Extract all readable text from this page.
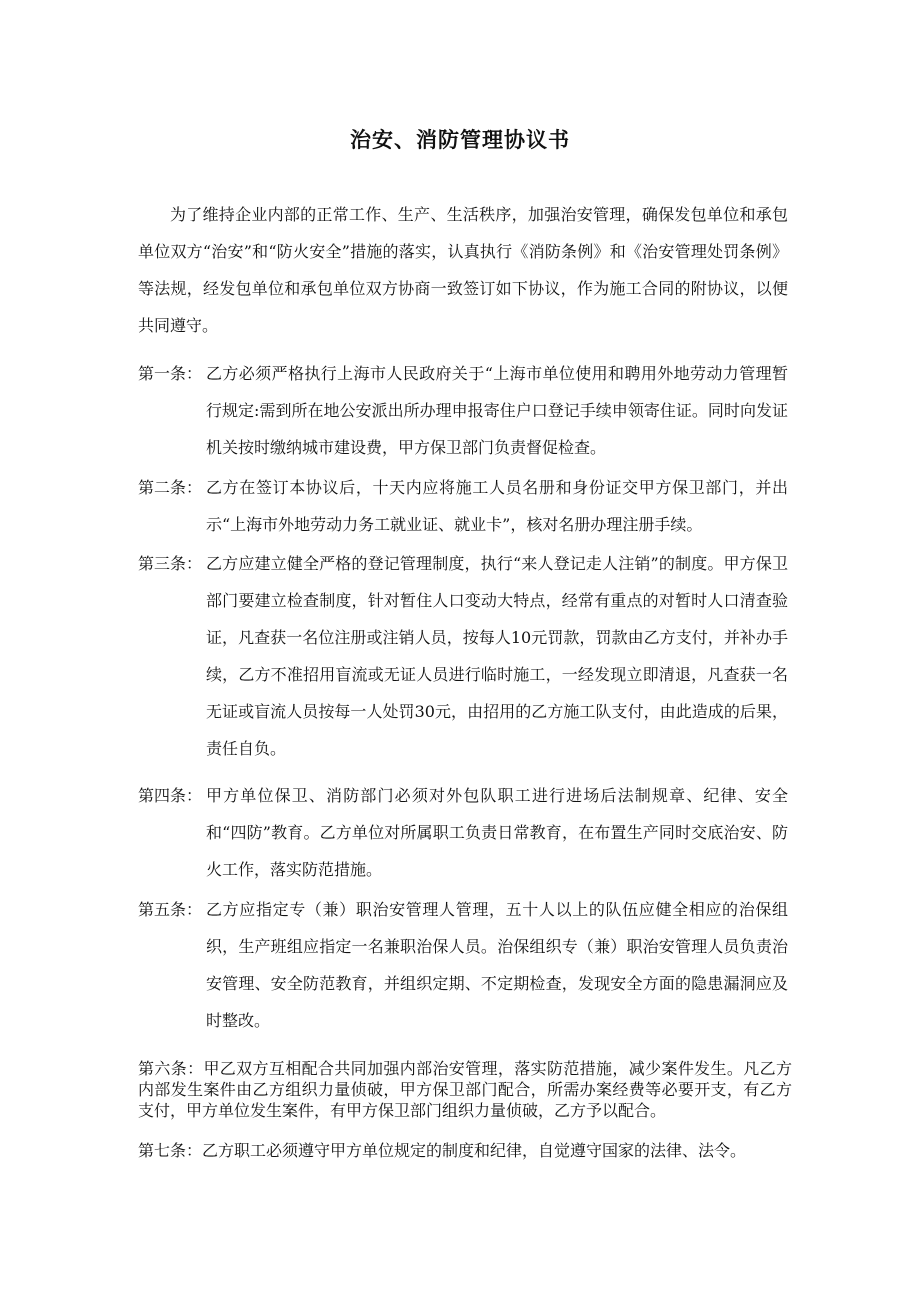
治安、消防管理协议书

为了维持企业内部的正常工作、生产、生活秩序，加强治安管理，确保发包单位和承包单位双方“治安”和“防火安全”措施的落实，认真执行《消防条例》和《治安管理处罚条例》等法规，经发包单位和承包单位双方协商一致签订如下协议，作为施工合同的附协议，以便共同遵守。

第一条： 乙方必须严格执行上海市人民政府关于“上海市单位使用和聘用外地劳动力管理暂行规定:需到所在地公安派出所办理申报寄住户口登记手续申领寄住证。同时向发证机关按时缴纳城市建设费，甲方保卫部门负责督促检查。
第二条： 乙方在签订本协议后，十天内应将施工人员名册和身份证交甲方保卫部门，并出示“上海市外地劳动力务工就业证、就业卡”，核对名册办理注册手续。
第三条： 乙方应建立健全严格的登记管理制度，执行“来人登记走人注销”的制度。甲方保卫部门要建立检查制度，针对暂住人口变动大特点，经常有重点的对暂时人口清查验证，凡查获一名位注册或注销人员，按每人10元罚款，罚款由乙方支付，并补办手续，乙方不准招用盲流或无证人员进行临时施工，一经发现立即清退，凡查获一名无证或盲流人员按每一人处罚30元，由招用的乙方施工队支付，由此造成的后果，责任自负。
第四条： 甲方单位保卫、消防部门必须对外包队职工进行进场后法制规章、纪律、安全和“四防”教育。乙方单位对所属职工负责日常教育，在布置生产同时交底治安、防火工作，落实防范措施。
第五条： 乙方应指定专（兼）职治安管理人管理，五十人以上的队伍应健全相应的治保组织，生产班组应指定一名兼职治保人员。治保组织专（兼）职治安管理人员负责治安管理、安全防范教育，并组织定期、不定期检查，发现安全方面的隐患漏洞应及时整改。
第六条：甲乙双方互相配合共同加强内部治安管理，落实防范措施，减少案件发生。凡乙方内部发生案件由乙方组织力量侦破，甲方保卫部门配合，所需办案经费等必要开支，有乙方支付，甲方单位发生案件，有甲方保卫部门组织力量侦破，乙方予以配合。
第七条：乙方职工必须遵守甲方单位规定的制度和纪律，自觉遵守国家的法律、法令。
